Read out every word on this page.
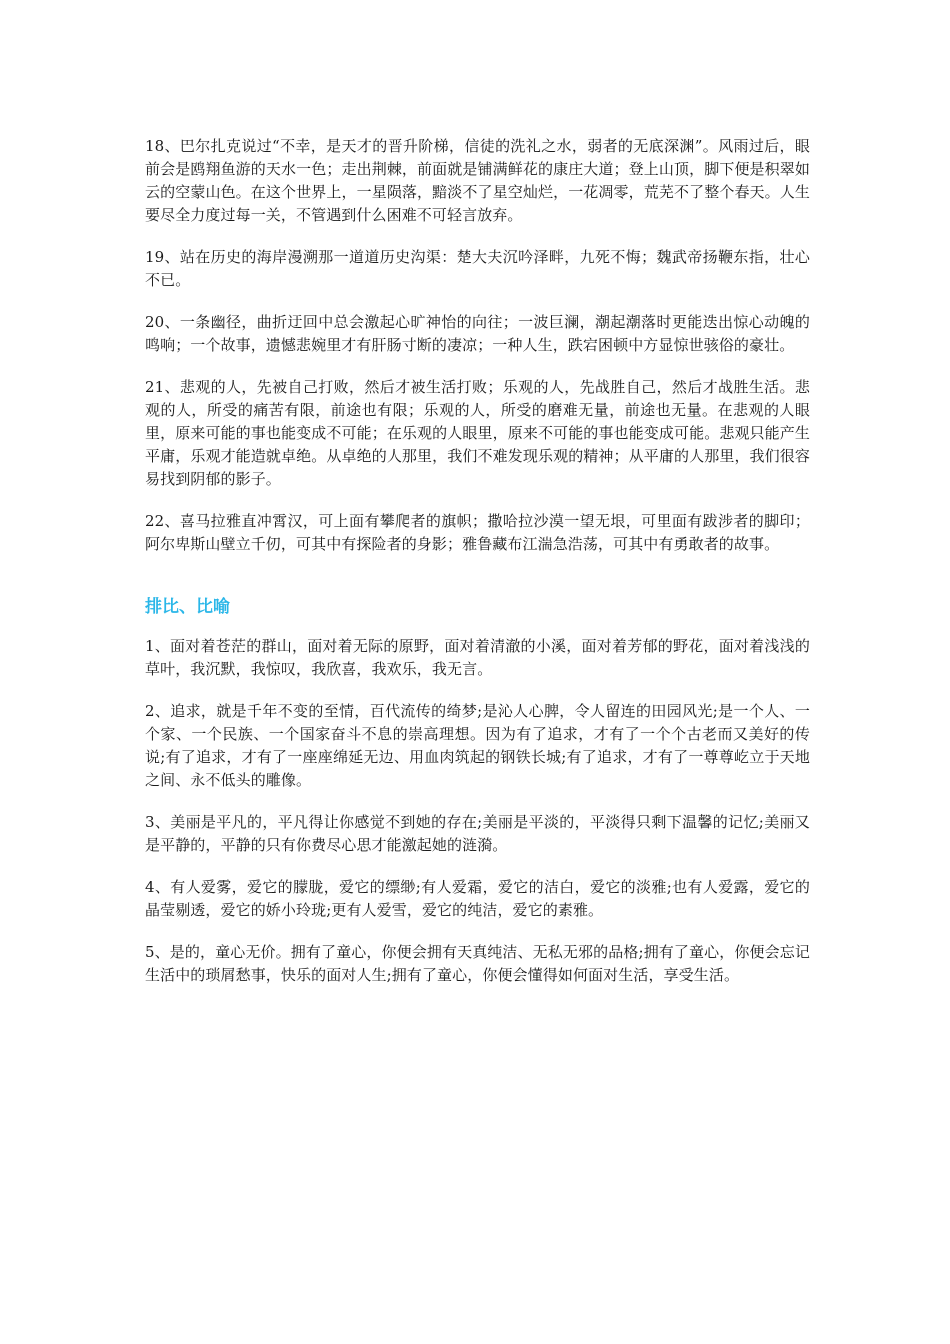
18、巴尔扎克说过“不幸，是天才的晋升阶梯，信徒的洗礼之水，弱者的无底深渊”。风雨过后，眼前会是鸥翔鱼游的天水一色；走出荆棘，前面就是铺满鲜花的康庄大道；登上山顶，脚下便是积翠如云的空蒙山色。在这个世界上，一星陨落，黯淡不了星空灿烂，一花凋零，荒芜不了整个春天。人生要尽全力度过每一关，不管遇到什么困难不可轻言放弃。

19、站在历史的海岸漫溯那一道道历史沟渠：楚大夫沉吟泽畔，九死不悔；魏武帝扬鞭东指，壮心不已。

20、一条幽径，曲折迂回中总会激起心旷神怡的向往；一波巨澜，潮起潮落时更能迭出惊心动魄的鸣响；一个故事，遗憾悲婉里才有肝肠寸断的凄凉；一种人生，跌宕困顿中方显惊世骇俗的豪壮。

21、悲观的人，先被自己打败，然后才被生活打败；乐观的人，先战胜自己，然后才战胜生活。悲观的人，所受的痛苦有限，前途也有限；乐观的人，所受的磨难无量，前途也无量。在悲观的人眼里，原来可能的事也能变成不可能；在乐观的人眼里，原来不可能的事也能变成可能。悲观只能产生平庸，乐观才能造就卓绝。从卓绝的人那里，我们不难发现乐观的精神；从平庸的人那里，我们很容易找到阴郁的影子。

22、喜马拉雅直冲霄汉，可上面有攀爬者的旗帜；撒哈拉沙漠一望无垠，可里面有跋涉者的脚印；阿尔卑斯山壁立千仞，可其中有探险者的身影；雅鲁藏布江湍急浩荡，可其中有勇敢者的故事。

排比、比喻

1、面对着苍茫的群山，面对着无际的原野，面对着清澈的小溪，面对着芳郁的野花，面对着浅浅的草叶，我沉默，我惊叹，我欣喜，我欢乐，我无言。

2、追求，就是千年不变的至情，百代流传的绮梦;是沁人心脾，令人留连的田园风光;是一个人、一个家、一个民族、一个国家奋斗不息的崇高理想。因为有了追求，才有了一个个古老而又美好的传说;有了追求，才有了一座座绵延无边、用血肉筑起的钢铁长城;有了追求，才有了一尊尊屹立于天地之间、永不低头的雕像。

3、美丽是平凡的，平凡得让你感觉不到她的存在;美丽是平淡的，平淡得只剩下温馨的记忆;美丽又是平静的，平静的只有你费尽心思才能激起她的涟漪。

4、有人爱雾，爱它的朦胧，爱它的缥缈;有人爱霜，爱它的洁白，爱它的淡雅;也有人爱露，爱它的晶莹剔透，爱它的娇小玲珑;更有人爱雪，爱它的纯洁，爱它的素雅。

5、是的，童心无价。拥有了童心，你便会拥有天真纯洁、无私无邪的品格;拥有了童心，你便会忘记生活中的琐屑愁事，快乐的面对人生;拥有了童心，你便会懂得如何面对生活，享受生活。
